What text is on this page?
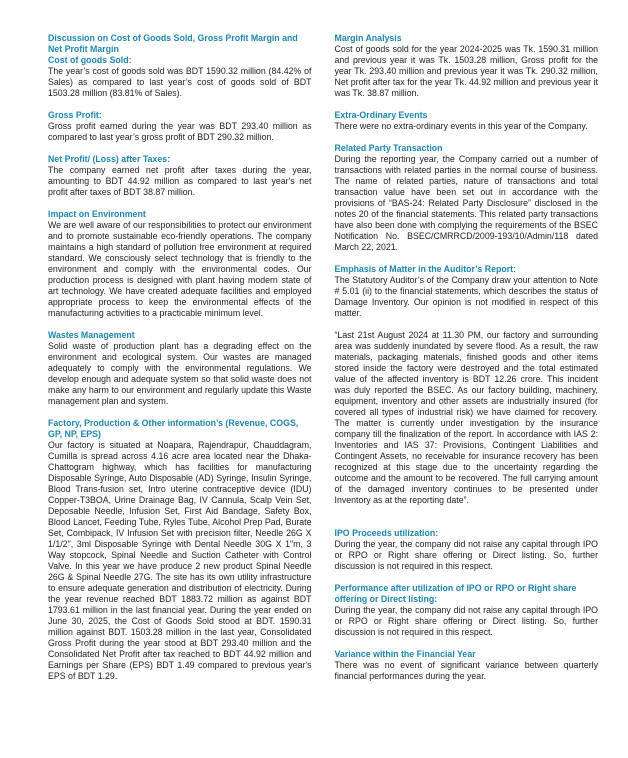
Discussion on Cost of Goods Sold, Gross Profit Margin and Net Profit Margin
Cost of goods Sold:
The year’s cost of goods sold was BDT 1590.32 million (84.42% of Sales) as compared to last year’s cost of goods sold of BDT 1503.28 million (83.81% of Sales).
Gross Profit:
Gross profit earned during the year was BDT 293.40 million as compared to last year’s gross profit of BDT 290.32 million.
Net Profit/ (Loss) after Taxes:
The company earned net profit after taxes during the year, amounting to BDT 44.92 million as compared to last year's net profit after taxes of BDT 38.87 million.
Impact on Environment
We are well aware of our responsibilities to protect our environment and to promote sustainable eco-friendly operations. The company maintains a high standard of pollution free environment at required standard. We consciously select technology that is friendly to the environment and comply with the environmental codes. Our production process is designed with plant having modern state of art technology. We have created adequate facilities and employed appropriate process to keep the environmental effects of the manufacturing activities to a practicable minimum level.
Wastes Management
Solid waste of production plant has a degrading effect on the environment and ecological system. Our wastes are managed adequately to comply with the environmental regulations. We develop enough and adequate system so that solid waste does not make any harm to our environment and regularly update this Waste management plan and system.
Factory, Production & Other information’s (Revenue, COGS, GP, NP, EPS)
Our factory is situated at Noapara, Rajendrapur, Chauddagram, Cumilla is spread across 4.16 acre area located near the Dhaka-Chattogram highway, which has facilities for manufacturing Disposable Syringe, Auto Disposable (AD) Syringe, Insulin Syringe, Blood Trans-fusion set, Intro uterine contraceptive device (IDU) Copper-T3BOA, Urine Drainage Bag, IV Cannula, Scalp Vein Set, Deposable Needle, Infusion Set, First Aid Bandage, Safety Box, Blood Lancet, Feeding Tube, Ryles Tube, Alcohol Prep Pad, Burate Set, Combipack, IV Infusion Set with precision filter, Needle 26G X 1/1/2", 3ml Disposable Syringe with Dental Needle 30G X 1"m, 3 Way stopcock, Spinal Needle and Suction Catheter with Control Valve. In this year we have produce 2 new product Spinal Needle 26G & Spinal Needle 27G. The site has its own utility infrastructure to ensure adequate generation and distribution of electricity. During the year revenue reached BDT 1883.72 million as against BDT 1793.61 million in the last financial year. During the year ended on June 30, 2025, the Cost of Goods Sold stood at BDT. 1590.31 million against BDT. 1503.28 million in the last year, Consolidated Gross Profit during the year stood at BDT 293.40 million and the Consolidated Net Profit after tax reached to BDT 44.92 million and Earnings per Share (EPS) BDT 1.49 compared to previous year's EPS of BDT 1.29.
Margin Analysis
Cost of goods sold for the year 2024-2025 was Tk. 1590.31 million and previous year it was Tk. 1503.28 million, Gross profit for the year Tk. 293.40 million and previous year it was Tk. 290.32 million, Net profit after tax for the year Tk. 44.92 million and previous year it was Tk. 38.87 million.
Extra-Ordinary Events
There were no extra-ordinary events in this year of the Company.
Related Party Transaction
During the reporting year, the Company carried out a number of transactions with related parties in the normal course of business. The name of related parties, nature of transactions and total transaction value have been set out in accordance with the provisions of “BAS-24: Related Party Disclosure” disclosed in the notes 20 of the financial statements. This related party transactions have also been done with complying the requirements of the BSEC Notification No. BSEC/CMRRCD/2009-193/10/Admin/118 dated March 22, 2021.
Emphasis of Matter in the Auditor’s Report:
The Statutory Auditor’s of the Company draw your attention to Note # 5.01 (ii) to the financial statements, which describes the status of Damage Inventory. Our opinion is not modified in respect of this matter.
“Last 21st August 2024 at 11.30 PM, our factory and surrounding area was suddenly inundated by severe flood. As a result, the raw materials, packaging materials, finished goods and other items stored inside the factory were destroyed and the total estimated value of the affected inventory is BDT 12.26 crore. This incident was duly reported the BSEC. As our factory building, machinery, equipment, inventory and other assets are industrially insured (for covered all types of industrial risk) we have claimed for recovery. The matter is currently under investigation by the insurance company till the finalization of the report. In accordance with IAS 2: Inventories and IAS 37: Provisions, Contingent Liabilities and Contingent Assets, no receivable for insurance recovery has been recognized at this stage due to the uncertainty regarding the outcome and the amount to be recovered. The full carrying amount of the damaged inventory continues to be presented under Inventory as at the reporting date”.
IPO Proceeds utilization:
During the year, the company did not raise any capital through IPO or RPO or Right share offering or Direct listing. So, further discussion is not required in this respect.
Performance after utilization of IPO or RPO or Right share offering or Direct listing:
During the year, the company did not raise any capital through IPO or RPO or Right share offering or Direct listing. So, further discussion is not required in this respect.
Variance within the Financial Year
There was no event of significant variance between quarterly financial performances during the year.
